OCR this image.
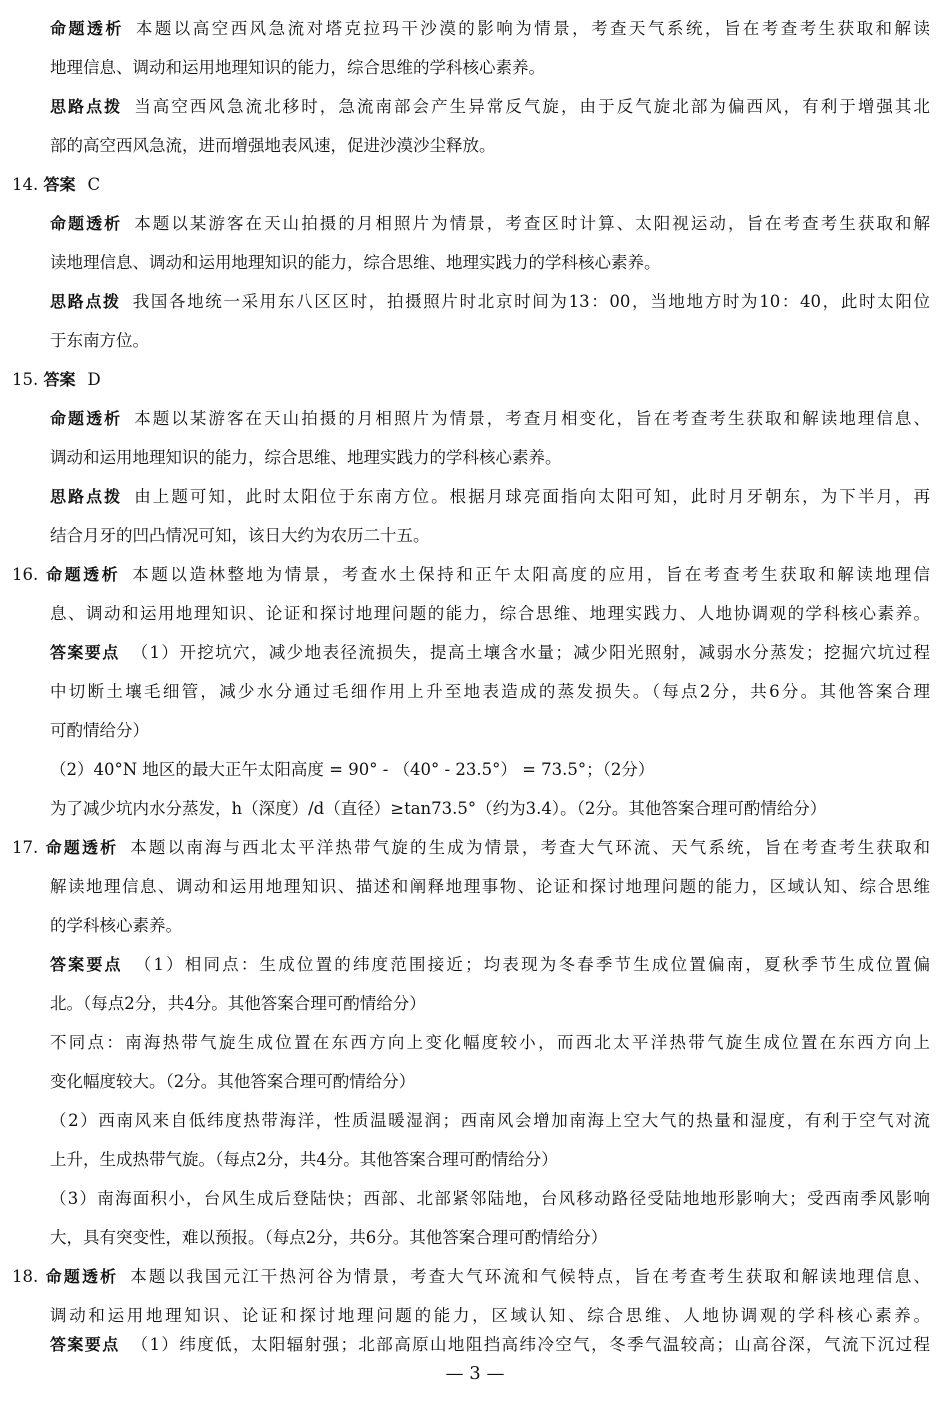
命题透析 本题以高空西风急流对塔克拉玛干沙漠的影响为情景，考查天气系统，旨在考查考生获取和解读
地理信息、调动和运用地理知识的能力，综合思维的学科核心素养。
思路点拨 当高空西风急流北移时，急流南部会产生异常反气旋，由于反气旋北部为偏西风，有利于增强其北
部的高空西风急流，进而增强地表风速，促进沙漠沙尘释放。
14. 答案 C
命题透析 本题以某游客在天山拍摄的月相照片为情景，考查区时计算、太阳视运动，旨在考查考生获取和解
读地理信息、调动和运用地理知识的能力，综合思维、地理实践力的学科核心素养。
思路点拨 我国各地统一采用东八区区时，拍摄照片时北京时间为13：00，当地地方时为10：40，此时太阳位
于东南方位。
15. 答案 D
命题透析 本题以某游客在天山拍摄的月相照片为情景，考查月相变化，旨在考查考生获取和解读地理信息、
调动和运用地理知识的能力，综合思维、地理实践力的学科核心素养。
思路点拨 由上题可知，此时太阳位于东南方位。根据月球亮面指向太阳可知，此时月牙朝东，为下半月，再
结合月牙的凹凸情况可知，该日大约为农历二十五。
16. 命题透析 本题以造林整地为情景，考查水土保持和正午太阳高度的应用，旨在考查考生获取和解读地理信
息、调动和运用地理知识、论证和探讨地理问题的能力，综合思维、地理实践力、人地协调观的学科核心素养。
答案要点 （1）开挖坑穴，减少地表径流损失，提高土壤含水量；减少阳光照射，减弱水分蒸发；挖掘穴坑过程
中切断土壤毛细管，减少水分通过毛细作用上升至地表造成的蒸发损失。（每点2分，共6分。其他答案合理
可酌情给分）
（2）40°N 地区的最大正午太阳高度 = 90° - （40° - 23.5°） = 73.5°；（2分）
为了减少坑内水分蒸发，h（深度）/d（直径）≥tan73.5°（约为3.4）。（2分。其他答案合理可酌情给分）
17. 命题透析 本题以南海与西北太平洋热带气旋的生成为情景，考查大气环流、天气系统，旨在考查考生获取和
解读地理信息、调动和运用地理知识、描述和阐释地理事物、论证和探讨地理问题的能力，区域认知、综合思维
的学科核心素养。
答案要点 （1）相同点：生成位置的纬度范围接近；均表现为冬春季节生成位置偏南，夏秋季节生成位置偏
北。（每点2分，共4分。其他答案合理可酌情给分）
不同点：南海热带气旋生成位置在东西方向上变化幅度较小，而西北太平洋热带气旋生成位置在东西方向上
变化幅度较大。（2分。其他答案合理可酌情给分）
（2）西南风来自低纬度热带海洋，性质温暖湿润；西南风会增加南海上空大气的热量和湿度，有利于空气对流
上升，生成热带气旋。（每点2分，共4分。其他答案合理可酌情给分）
（3）南海面积小，台风生成后登陆快；西部、北部紧邻陆地，台风移动路径受陆地地形影响大；受西南季风影响
大，具有突变性，难以预报。（每点2分，共6分。其他答案合理可酌情给分）
18. 命题透析 本题以我国元江干热河谷为情景，考查大气环流和气候特点，旨在考查考生获取和解读地理信息、
调动和运用地理知识、论证和探讨地理问题的能力，区域认知、综合思维、人地协调观的学科核心素养。
答案要点 （1）纬度低，太阳辐射强；北部高原山地阻挡高纬冷空气，冬季气温较高；山高谷深，气流下沉过程
— 3 —
